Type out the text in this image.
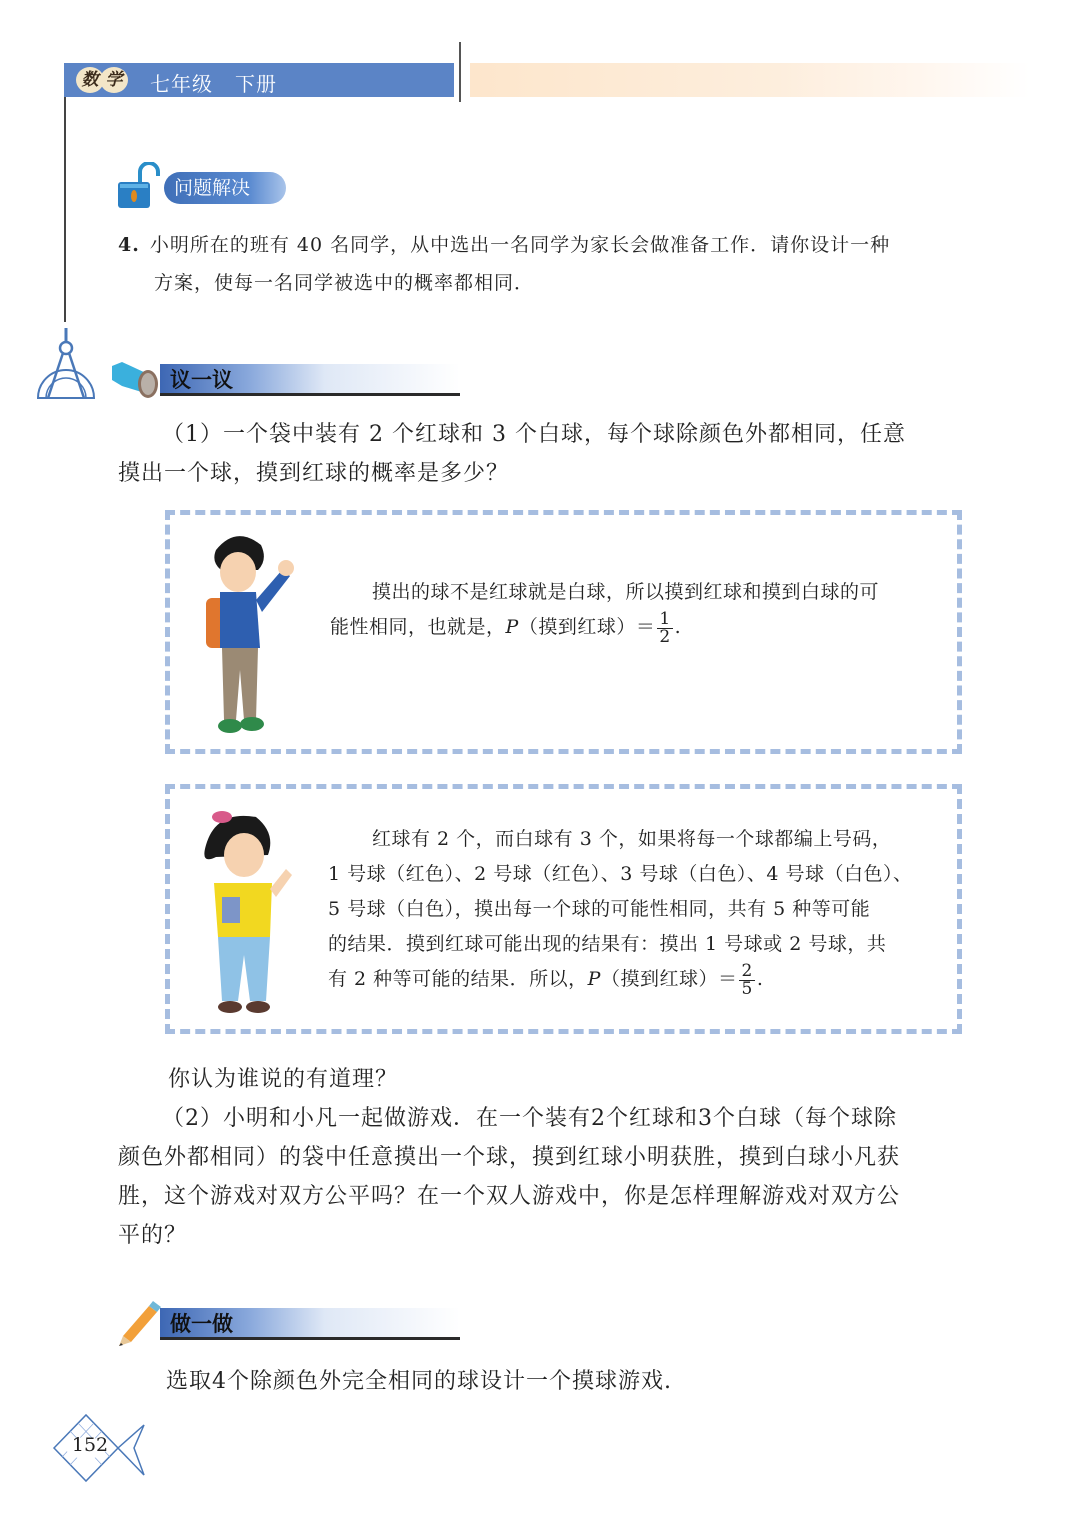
数 学 七年级 下册
问题解决
4. 小明所在的班有 40 名同学，从中选出一名同学为家长会做准备工作．请你设计一种
方案，使每一名同学被选中的概率都相同．
议一议
（1）一个袋中装有 2 个红球和 3 个白球，每个球除颜色外都相同，任意
摸出一个球，摸到红球的概率是多少？
摸出的球不是红球就是白球，所以摸到红球和摸到白球的可
能性相同，也就是，P（摸到红球）＝ $\frac{1}{2}$ .
红球有 2 个，而白球有 3 个，如果将每一个球都编上号码，
1 号球（红色）、2 号球（红色）、3 号球（白色）、4 号球（白色）、
5 号球（白色），摸出每一个球的可能性相同，共有 5 种等可能
的结果．摸到红球可能出现的结果有：摸出 1 号球或 2 号球，共
有 2 种等可能的结果．所以，P（摸到红球）＝ $\frac{2}{5}$ .
你认为谁说的有道理？
（2）小明和小凡一起做游戏．在一个装有2个红球和3个白球（每个球除
颜色外都相同）的袋中任意摸出一个球，摸到红球小明获胜，摸到白球小凡获
胜，这个游戏对双方公平吗？在一个双人游戏中，你是怎样理解游戏对双方公
平的？
做一做
选取4个除颜色外完全相同的球设计一个摸球游戏.
152
